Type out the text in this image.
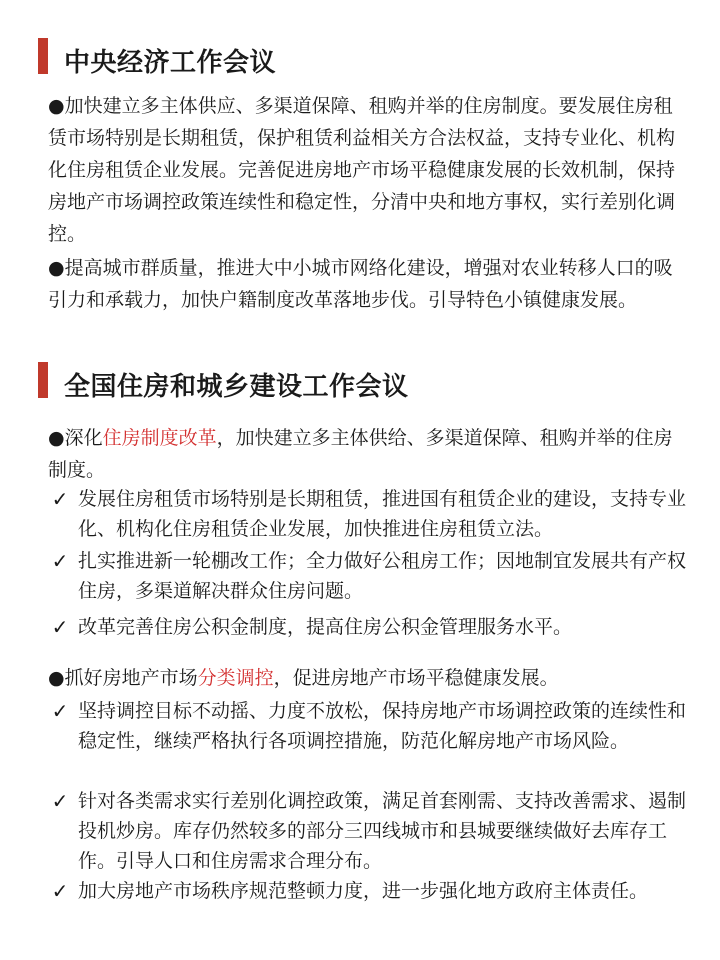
中央经济工作会议

●加快建立多主体供应、多渠道保障、租购并举的住房制度。要发展住房租赁市场特别是长期租赁，保护租赁利益相关方合法权益，支持专业化、机构化住房租赁企业发展。完善促进房地产市场平稳健康发展的长效机制，保持房地产市场调控政策连续性和稳定性，分清中央和地方事权，实行差别化调控。

●提高城市群质量，推进大中小城市网络化建设，增强对农业转移人口的吸引力和承载力，加快户籍制度改革落地步伐。引导特色小镇健康发展。

全国住房和城乡建设工作会议

●深化住房制度改革，加快建立多主体供给、多渠道保障、租购并举的住房制度。

✓ 发展住房租赁市场特别是长期租赁，推进国有租赁企业的建设，支持专业化、机构化住房租赁企业发展，加快推进住房租赁立法。
✓ 扎实推进新一轮棚改工作；全力做好公租房工作；因地制宜发展共有产权住房，多渠道解决群众住房问题。
✓ 改革完善住房公积金制度，提高住房公积金管理服务水平。

●抓好房地产市场分类调控，促进房地产市场平稳健康发展。

✓ 坚持调控目标不动摇、力度不放松，保持房地产市场调控政策的连续性和稳定性，继续严格执行各项调控措施，防范化解房地产市场风险。
✓ 针对各类需求实行差别化调控政策，满足首套刚需、支持改善需求、遏制投机炒房。库存仍然较多的部分三四线城市和县城要继续做好去库存工作。引导人口和住房需求合理分布。
✓ 加大房地产市场秩序规范整顿力度，进一步强化地方政府主体责任。
